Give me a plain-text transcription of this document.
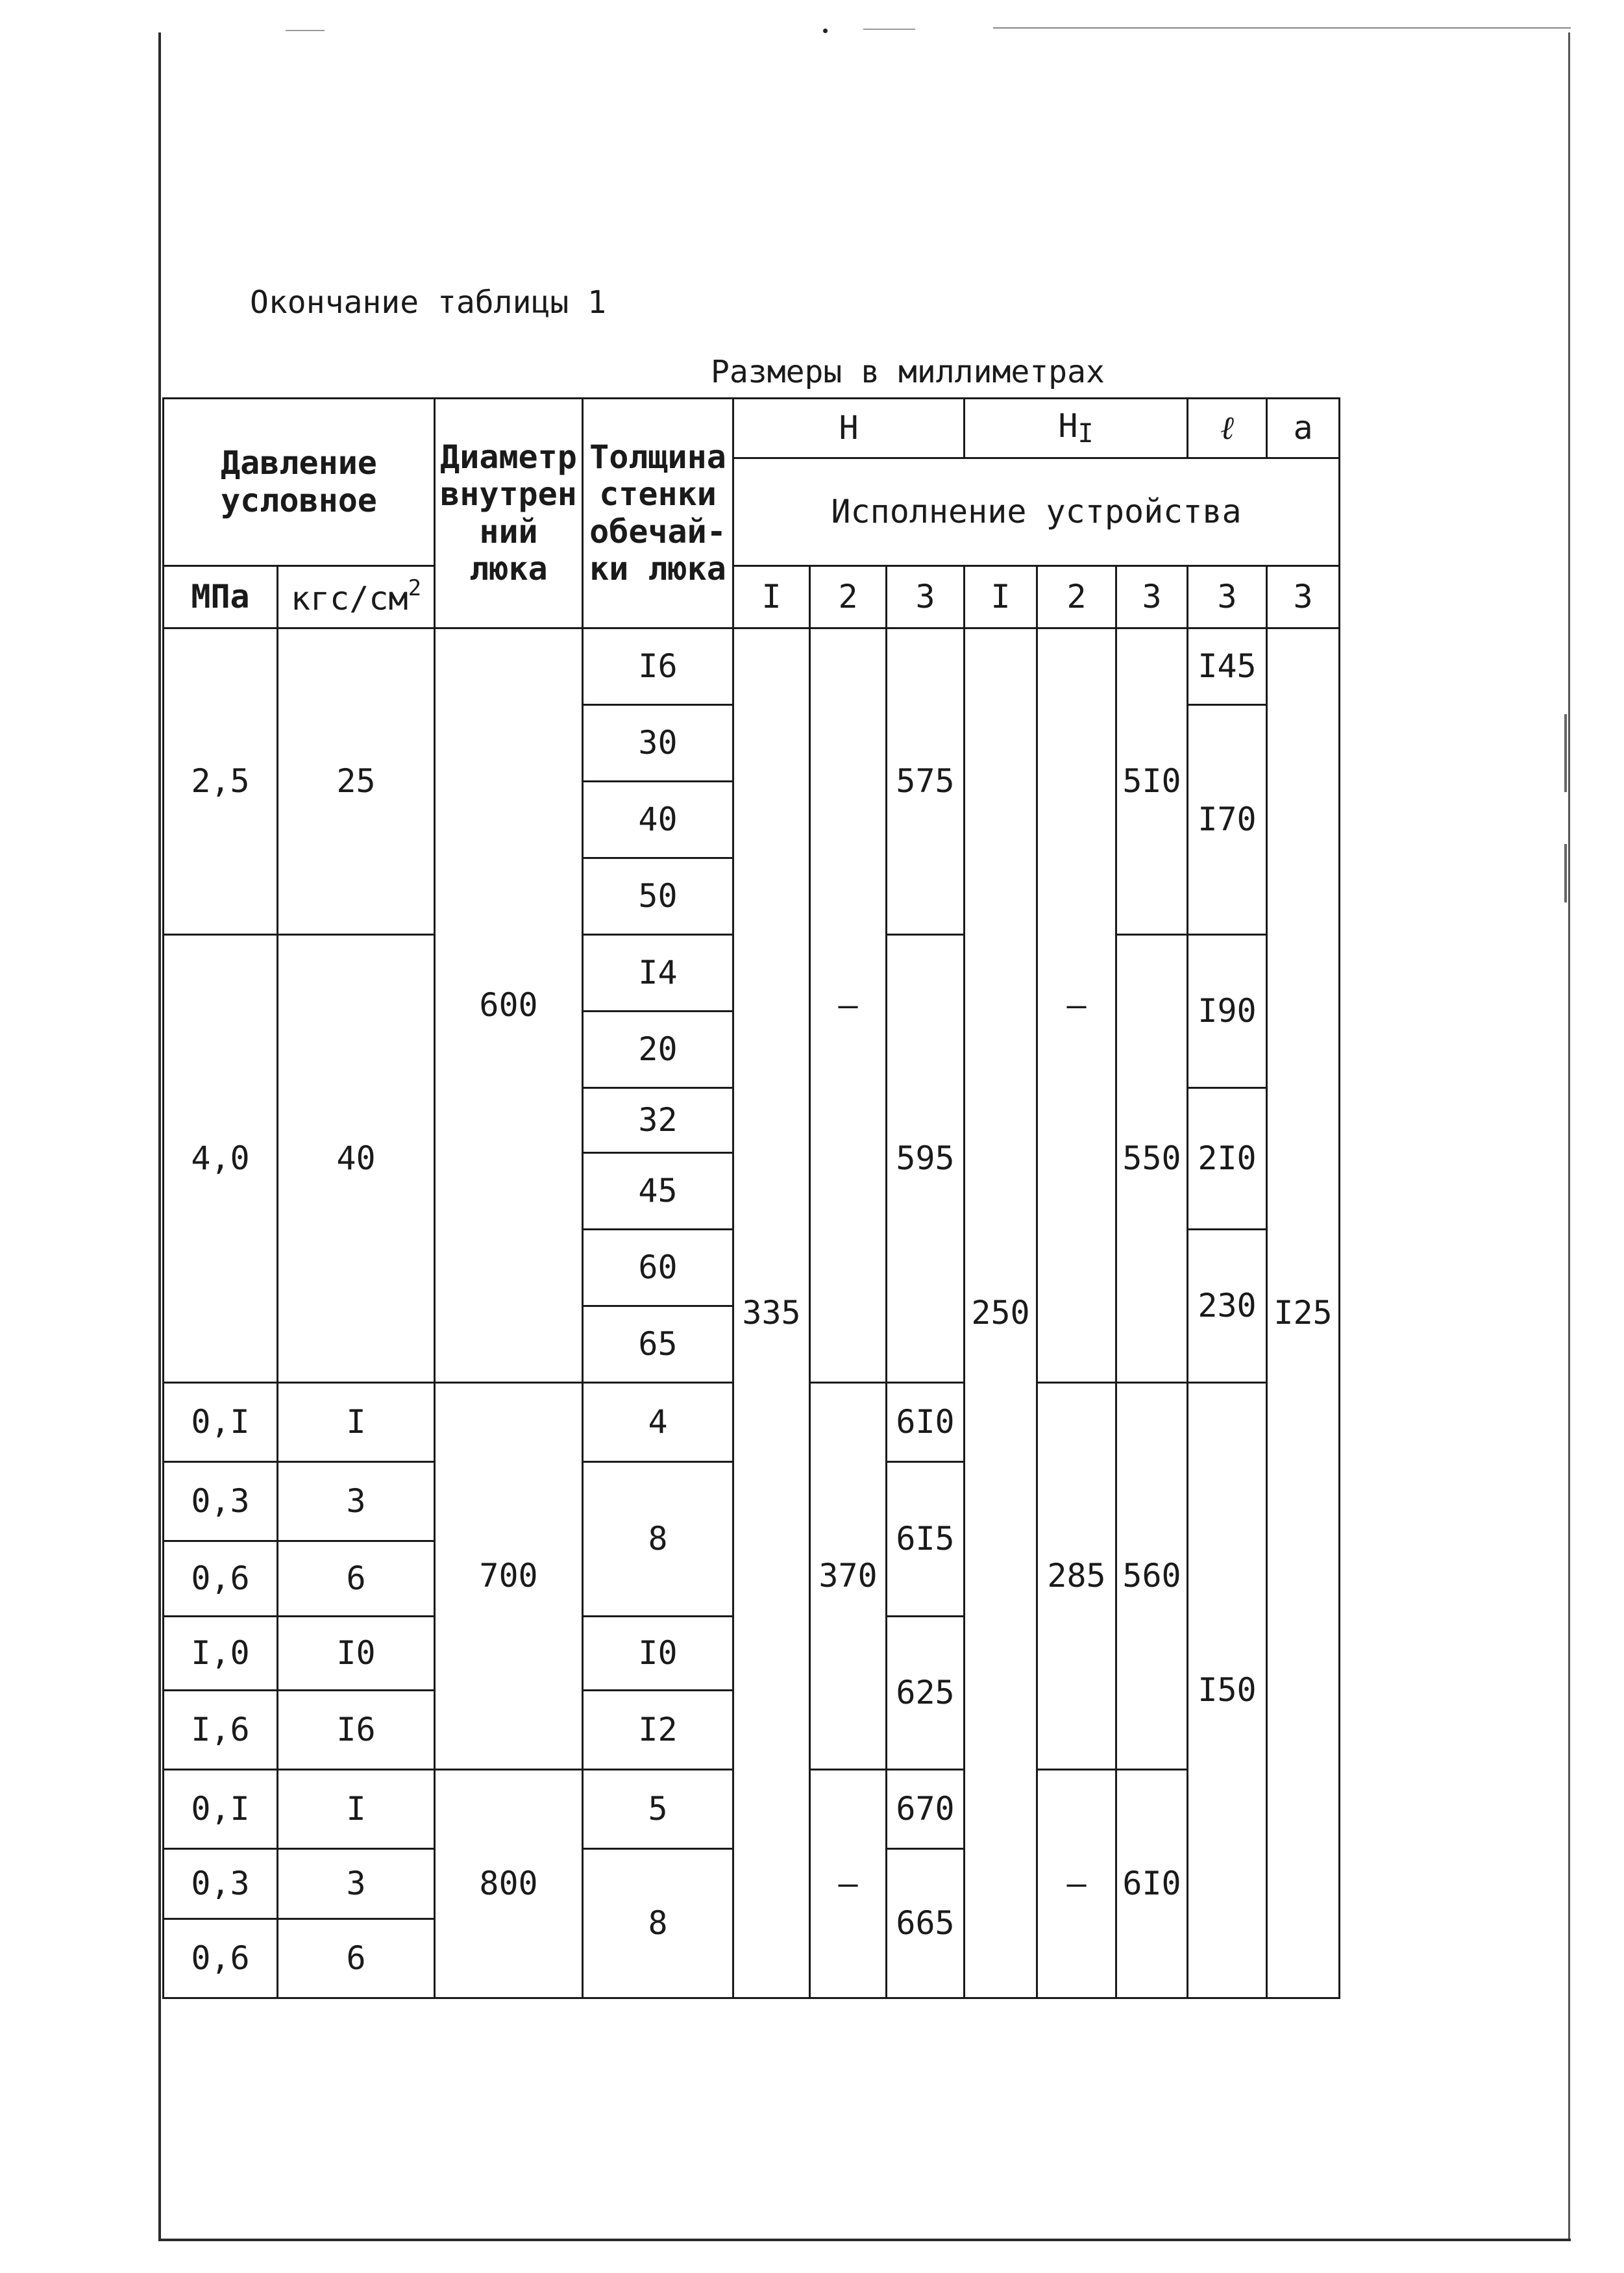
Окончание таблицы 1
Размеры в миллиметрах
Давление условное		Диаметр внутрен ний люка	Толщина стенки обечай- ки люка	Н			$Н_I$			ℓ	а
				Исполнение устройства							
МПа	кгс/$см^2$			I	2	3	I	2	3	3	3
2,5	25	600	I6	335	–	575	250	–	5I0	I45	I25
			30							I70	
			40								
			50								
4,0	40		I4			595			550	I90	
			20								
			32							2I0	
			45								
			60							230	
			65								
0,I	I	700	4		370	6I0		285	560	I50	
0,3	3		8			6I5					
0,6	6										
I,0	I0		I0			625					
I,6	I6		I2								
0,I	I	800	5		–	670		–	6I0		
0,3	3		8			665					
0,6	6										
